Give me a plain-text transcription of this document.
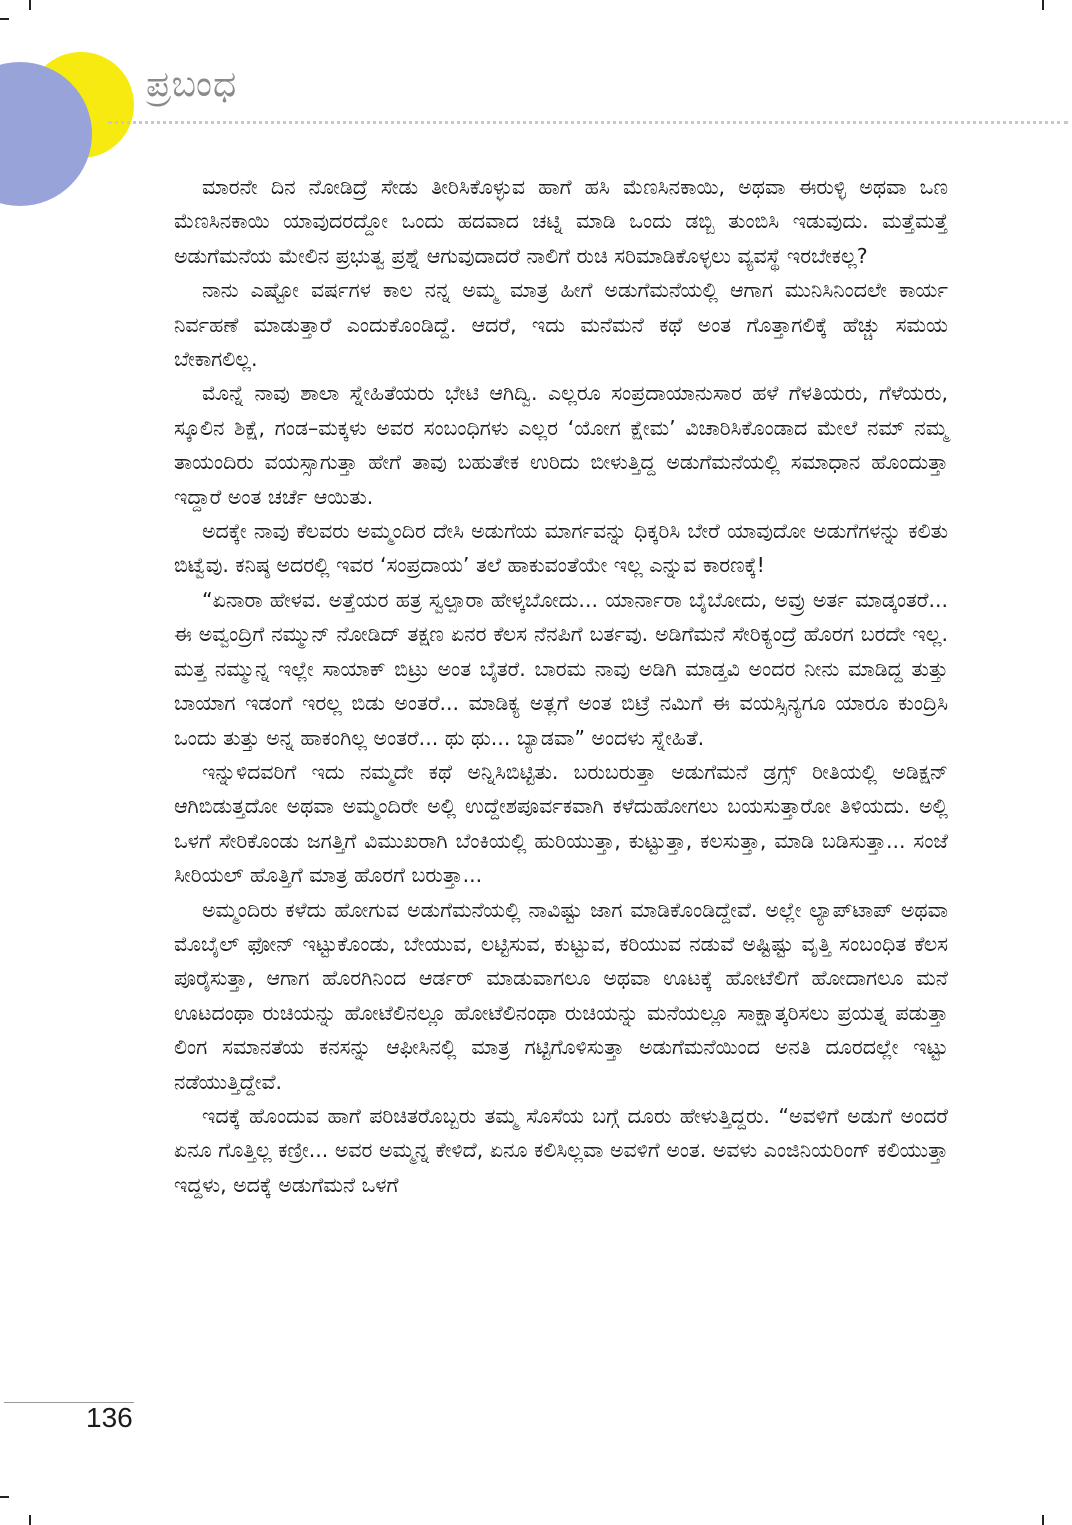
ಪ್ರಬಂಧ

ಮಾರನೇ ದಿನ ನೋಡಿದ್ರೆ ಸೇಡು ತೀರಿಸಿಕೊಳ್ಳುವ ಹಾಗೆ ಹಸಿ ಮೆಣಸಿನಕಾಯಿ, ಅಥವಾ ಈರುಳ್ಳಿ ಅಥವಾ ಒಣ ಮೆಣಸಿನಕಾಯಿ ಯಾವುದರದ್ದೋ ಒಂದು ಹದವಾದ ಚಟ್ನಿ ಮಾಡಿ ಒಂದು ಡಬ್ಬಿ ತುಂಬಿಸಿ ಇಡುವುದು. ಮತ್ತೆಮತ್ತೆ ಅಡುಗೆಮನೆಯ ಮೇಲಿನ ಪ್ರಭುತ್ವ ಪ್ರಶ್ನೆ ಆಗುವುದಾದರೆ ನಾಲಿಗೆ ರುಚಿ ಸರಿಮಾಡಿಕೊಳ್ಳಲು ವ್ಯವಸ್ಥೆ ಇರಬೇಕಲ್ಲ?

ನಾನು ಎಷ್ಟೋ ವರ್ಷಗಳ ಕಾಲ ನನ್ನ ಅಮ್ಮ ಮಾತ್ರ ಹೀಗೆ ಅಡುಗೆಮನೆಯಲ್ಲಿ ಆಗಾಗ ಮುನಿಸಿನಿಂದಲೇ ಕಾರ್ಯ ನಿರ್ವಹಣೆ ಮಾಡುತ್ತಾರೆ ಎಂದುಕೊಂಡಿದ್ದೆ. ಆದರೆ, ಇದು ಮನೆಮನೆ ಕಥೆ ಅಂತ ಗೊತ್ತಾಗಲಿಕ್ಕೆ ಹೆಚ್ಚು ಸಮಯ ಬೇಕಾಗಲಿಲ್ಲ.

ಮೊನ್ನೆ ನಾವು ಶಾಲಾ ಸ್ನೇಹಿತೆಯರು ಭೇಟಿ ಆಗಿದ್ವಿ. ಎಲ್ಲರೂ ಸಂಪ್ರದಾಯಾನುಸಾರ ಹಳೆ ಗೆಳತಿಯರು, ಗೆಳೆಯರು, ಸ್ಕೂಲಿನ ಶಿಕ್ಷೆ, ಗಂಡ–ಮಕ್ಕಳು ಅವರ ಸಂಬಂಧಿಗಳು ಎಲ್ಲರ ‘ಯೋಗ ಕ್ಷೇಮ’ ವಿಚಾರಿಸಿಕೊಂಡಾದ ಮೇಲೆ ನಮ್ ನಮ್ಮ ತಾಯಂದಿರು ವಯಸ್ಸಾಗುತ್ತಾ ಹೇಗೆ ತಾವು ಬಹುತೇಕ ಉರಿದು ಬೀಳುತ್ತಿದ್ದ ಅಡುಗೆಮನೆಯಲ್ಲಿ ಸಮಾಧಾನ ಹೊಂದುತ್ತಾ ಇದ್ದಾರೆ ಅಂತ ಚರ್ಚೆ ಆಯಿತು.

ಅದಕ್ಕೇ ನಾವು ಕೆಲವರು ಅಮ್ಮಂದಿರ ದೇಸಿ ಅಡುಗೆಯ ಮಾರ್ಗವನ್ನು ಧಿಕ್ಕರಿಸಿ ಬೇರೆ ಯಾವುದೋ ಅಡುಗೆಗಳನ್ನು ಕಲಿತು ಬಿಟ್ವೆವು. ಕನಿಷ್ಠ ಅದರಲ್ಲಿ ಇವರ ‘ಸಂಪ್ರದಾಯ’ ತಲೆ ಹಾಕುವಂತೆಯೇ ಇಲ್ಲ ಎನ್ನುವ ಕಾರಣಕ್ಕೆ!

“ಏನಾರಾ ಹೇಳವ. ಅತ್ತೆಯರ ಹತ್ರ ಸ್ವಲ್ಪಾರಾ ಹೇಳ್ಕಬೋದು... ಯಾರ್ನಾರಾ ಬೈಬೋದು, ಅವ್ರು ಅರ್ತ ಮಾಡ್ಕಂತರೆ... ಈ ಅವ್ವಂದ್ರಿಗೆ ನಮ್ಮುನ್ ನೋಡಿದ್ ತಕ್ಷಣ ಏನರ ಕೆಲಸ ನೆನಪಿಗೆ ಬರ್ತವು. ಅಡಿಗೆಮನೆ ಸೇರಿಕ್ಯಂದ್ರೆ ಹೊರಗ ಬರದೇ ಇಲ್ಲ. ಮತ್ತ ನಮ್ಮುನ್ನ ಇಲ್ಲೇ ಸಾಯಾಕ್ ಬಿಟ್ರು ಅಂತ ಬೈತರೆ. ಬಾರಮ ನಾವು ಅಡಿಗಿ ಮಾಡ್ತವಿ ಅಂದರ ನೀನು ಮಾಡಿದ್ದ ತುತ್ತು ಬಾಯಾಗ ಇಡಂಗೆ ಇರಲ್ಲ ಬಿಡು ಅಂತರೆ... ಮಾಡಿಕ್ಯ ಅತ್ಲಗೆ ಅಂತ ಬಿಟ್ರೆ ನಮಿಗೆ ಈ ವಯಸ್ಸಿನ್ಯಗೂ ಯಾರೂ ಕುಂದ್ರಿಸಿ ಒಂದು ತುತ್ತು ಅನ್ನ ಹಾಕಂಗಿಲ್ಲ ಅಂತರೆ... ಥು ಥು... ಬ್ಯಾಡವಾ” ಅಂದಳು ಸ್ನೇಹಿತೆ.

ಇನ್ನುಳಿದವರಿಗೆ ಇದು ನಮ್ಮದೇ ಕಥೆ ಅನ್ನಿಸಿಬಿಟ್ಟಿತು. ಬರುಬರುತ್ತಾ ಅಡುಗೆಮನೆ ಡ್ರಗ್ಸ್ ರೀತಿಯಲ್ಲಿ ಅಡಿಕ್ಷನ್ ಆಗಿಬಿಡುತ್ತದೋ ಅಥವಾ ಅಮ್ಮಂದಿರೇ ಅಲ್ಲಿ ಉದ್ದೇಶಪೂರ್ವಕವಾಗಿ ಕಳೆದುಹೋಗಲು ಬಯಸುತ್ತಾರೋ ತಿಳಿಯದು. ಅಲ್ಲಿ ಒಳಗೆ ಸೇರಿಕೊಂಡು ಜಗತ್ತಿಗೆ ವಿಮುಖರಾಗಿ ಬೆಂಕಿಯಲ್ಲಿ ಹುರಿಯುತ್ತಾ, ಕುಟ್ಟುತ್ತಾ, ಕಲಸುತ್ತಾ, ಮಾಡಿ ಬಡಿಸುತ್ತಾ... ಸಂಜೆ ಸೀರಿಯಲ್ ಹೊತ್ತಿಗೆ ಮಾತ್ರ ಹೊರಗೆ ಬರುತ್ತಾ...

ಅಮ್ಮಂದಿರು ಕಳೆದು ಹೋಗುವ ಅಡುಗೆಮನೆಯಲ್ಲಿ ನಾವಿಷ್ಟು ಜಾಗ ಮಾಡಿಕೊಂಡಿದ್ದೇವೆ. ಅಲ್ಲೇ ಲ್ಯಾಪ್‌ಟಾಪ್ ಅಥವಾ ಮೊಬೈಲ್ ಫೋನ್ ಇಟ್ಟುಕೊಂಡು, ಬೇಯುವ, ಲಟ್ಟಿಸುವ, ಕುಟ್ಟುವ, ಕರಿಯುವ ನಡುವೆ ಅಷ್ಟಿಷ್ಟು ವೃತ್ತಿ ಸಂಬಂಧಿತ ಕೆಲಸ ಪೂರೈಸುತ್ತಾ, ಆಗಾಗ ಹೊರಗಿನಿಂದ ಆರ್ಡರ್ ಮಾಡುವಾಗಲೂ ಅಥವಾ ಊಟಕ್ಕೆ ಹೋಟೆಲಿಗೆ ಹೋದಾಗಲೂ ಮನೆ ಊಟದಂಥಾ ರುಚಿಯನ್ನು ಹೋಟೆಲಿನಲ್ಲೂ ಹೋಟೆಲಿನಂಥಾ ರುಚಿಯನ್ನು ಮನೆಯಲ್ಲೂ ಸಾಕ್ಷಾತ್ಕರಿಸಲು ಪ್ರಯತ್ನ ಪಡುತ್ತಾ ಲಿಂಗ ಸಮಾನತೆಯ ಕನಸನ್ನು ಆಫೀಸಿನಲ್ಲಿ ಮಾತ್ರ ಗಟ್ಟಿಗೊಳಿಸುತ್ತಾ ಅಡುಗೆಮನೆಯಿಂದ ಅನತಿ ದೂರದಲ್ಲೇ ಇಟ್ಟು ನಡೆಯುತ್ತಿದ್ದೇವೆ.

ಇದಕ್ಕೆ ಹೊಂದುವ ಹಾಗೆ ಪರಿಚಿತರೊಬ್ಬರು ತಮ್ಮ ಸೊಸೆಯ ಬಗ್ಗೆ ದೂರು ಹೇಳುತ್ತಿದ್ದರು. “ಅವಳಿಗೆ ಅಡುಗೆ ಅಂದರೆ ಏನೂ ಗೊತ್ತಿಲ್ಲ ಕಣ್ರೀ... ಅವರ ಅಮ್ಮನ್ನ ಕೇಳಿದೆ, ಏನೂ ಕಲಿಸಿಲ್ಲವಾ ಅವಳಿಗೆ ಅಂತ. ಅವಳು ಎಂಜಿನಿಯರಿಂಗ್ ಕಲಿಯುತ್ತಾ ಇದ್ದಳು, ಅದಕ್ಕೆ ಅಡುಗೆಮನೆ ಒಳಗೆ

136
